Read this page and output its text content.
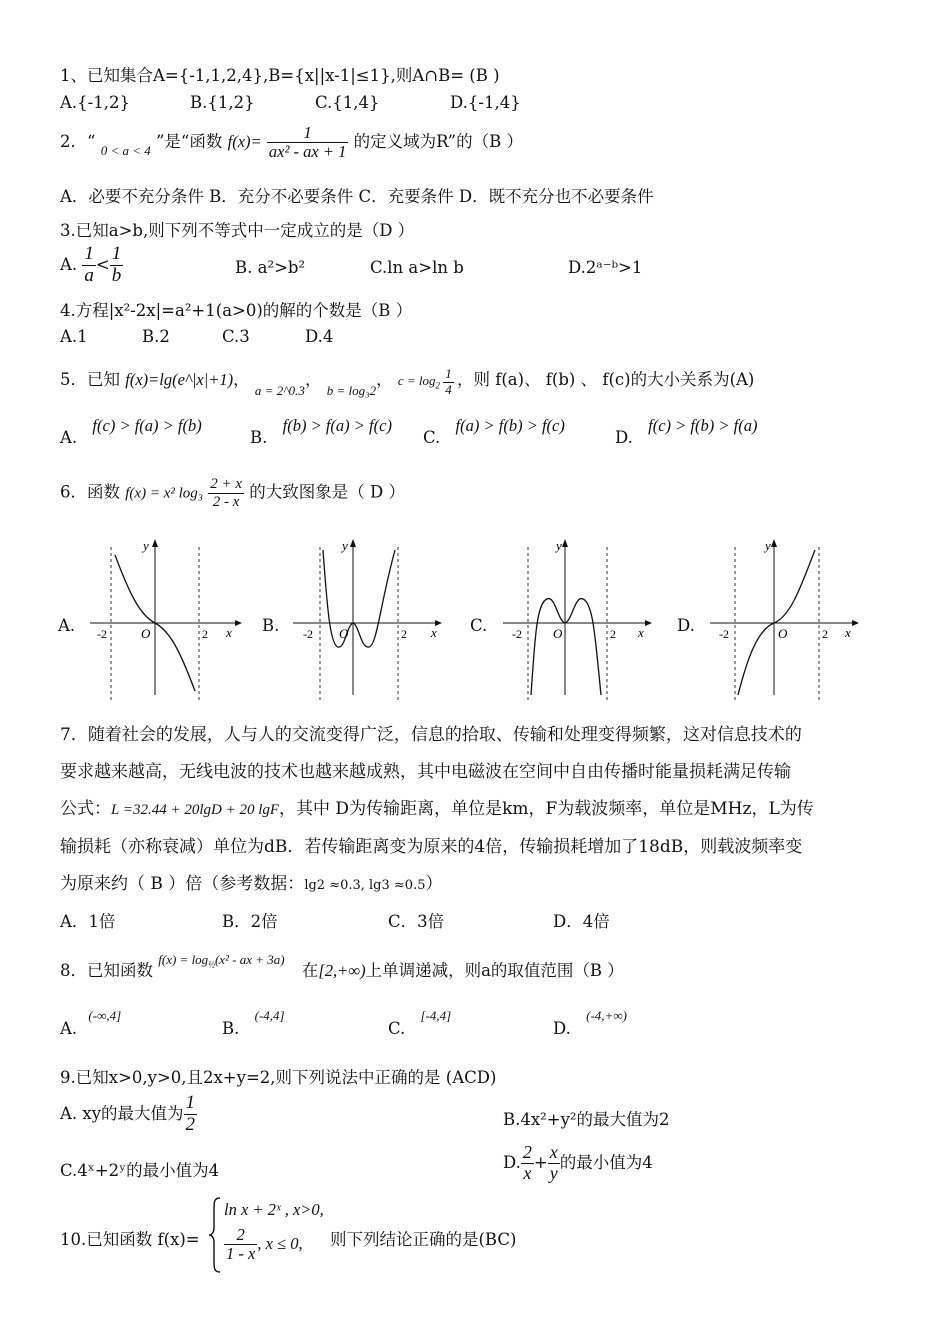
1、已知集合A={-1,1,2,4},B={x||x-1|≤1},则A∩B= (B )
A.{-1,2}	B.{1,2}	C.{1,4}	D.{-1,4}
2．“ $_{0 < a < 4}$ ”是“函数 $f(x)= \frac{1}{\text{ax² - ax + 1}}$ 的定义域为R”的（B ）
A．必要不充分条件 B．充分不必要条件 C．充要条件 D．既不充分也不必要条件
3.已知a>b,则下列不等式中一定成立的是（D ）
A. $\frac{1}{a} < \frac{1}{b}$	B. a²>b²	C.ln a>ln b	D.2ᵃ⁻ᵇ>1
4.方程|x²-2x|=a²+1(a>0)的解的个数是（B ）
A.1	B.2	C.3	D.4
5．已知 f(x)=lg(e^|x|+1)， $_{a = 2\^{}0.3}$， $_{b = log_32}$， $c = \log_2 \frac{1}{4}$ ，则 f(a)、 f(b) 、 f(c)的大小关系为(A)
A. f(c) > f(a) > f(b)
B. f(b) > f(a) > f(c)
C. f(a) > f(b) > f(c)
D. f(c) > f(b) > f(a)
6．函数 f(x) = x² $\log_3 \frac{2 + x}{2 - x}$ 的大致图象是（ D ）
A.
y
x
O
-2	2	B.
y
x
O
-2	2	C.
y
x
O
-2	2	D.
y
x
O
-2	2
7．随着社会的发展，人与人的交流变得广泛，信息的拾取、传输和处理变得频繁，这对信息技术的
要求越来越高，无线电波的技术也越来越成熟，其中电磁波在空间中自由传播时能量损耗满足传输
公式：L =32.44 + 20lgD + 20 lgF，其中 D为传输距离，单位是km，F为载波频率，单位是MHz，L为传
输损耗（亦称衰减）单位为dB．若传输距离变为原来的4倍，传输损耗增加了18dB，则载波频率变
为原来约（ B ）倍（参考数据：lg2 ≈0.3, lg3 ≈0.5）
A．1倍	B．2倍	C．3倍	D．4倍
8．已知函数 $^{f(x) = log_{\frac{1}{2}}(x^2 - ax + 3a)}$ 在[2,+∞)上单调递减，则a的取值范围（B ）
A. (-∞,4]
B. (-4,4]
C. [-4,4]
D. (-4,+∞)
9.已知x>0,y>0,且2x+y=2,则下列说法中正确的是 (ACD)
A. xy的最大值为 $\frac{1}{2}$	B.4x²+y²的最大值为2
C.4ˣ+2ʸ的最小值为4	D. $\frac{2}{x} + \frac{x}{y}$ 的最小值为4
10.已知函数 f(x)=
ln x + 2ˣ , x>0,
$\frac{2}{1 - x}$ , x ≤ 0, 则下列结论正确的是(BC)
